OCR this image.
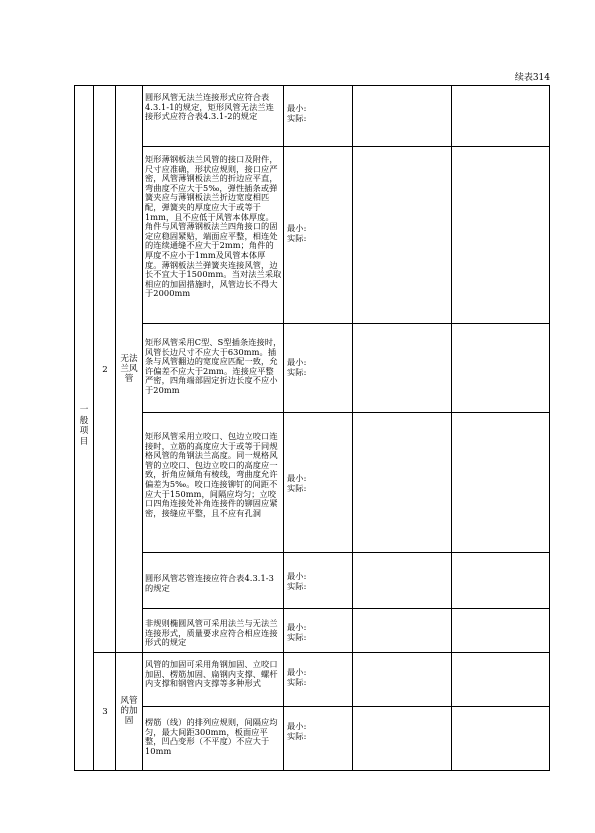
续表314
一般项目
2
无法兰风管
3
风管的加固
圆形风管无法兰连接形式应符合表4.3.1-1的规定，矩形风管无法兰连接形式应符合表4.3.1-2的规定
最小:
实际:
矩形薄钢板法兰风管的接口及附件，尺寸应准确，形状应规则，接口应严密，风管薄钢板法兰的折边应平直，弯曲度不应大于5‰，弹性插条或弹簧夹应与薄钢板法兰折边宽度相匹配，弹簧夹的厚度应大于或等于1mm，且不应低于风管本体厚度。角件与风管薄钢板法兰四角接口的固定应稳固紧贴，端面应平整，相连处的连续通缝不应大于2mm；角件的厚度不应小于1mm及风管本体厚度。薄钢板法兰弹簧夹连接风管，边长不宜大于1500mm。当对法兰采取相应的加固措施时，风管边长不得大于2000mm
最小:
实际:
矩形风管采用C型、S型插条连接时，风管长边尺寸不应大于630mm。插条与风管翻边的宽度应匹配一致，允许偏差不应大于2mm。连接应平整严密，四角端部固定折边长度不应小于20mm
最小:
实际:
矩形风管采用立咬口、包边立咬口连接时，立筋的高度应大于或等于同规格风管的角钢法兰高度。同一规格风管的立咬口、包边立咬口的高度应一致，折角应倾角有棱线，弯曲度允许偏差为5‰。咬口连接铆钉的间距不应大于150mm，间隔应均匀；立咬口四角连接处补角连接件的铆固应紧密，接缝应平整，且不应有孔洞
最小:
实际:
圆形风管芯管连接应符合表4.3.1-3的规定
最小:
实际:
非规则椭圆风管可采用法兰与无法兰连接形式，质量要求应符合相应连接形式的规定
最小:
实际:
风管的加固可采用角钢加固、立咬口加固、楞筋加固、扁钢内支撑、螺杆内支撑和钢管内支撑等多种形式
最小:
实际:
楞筋（线）的排列应规则，间隔应均匀，最大间距300mm，板面应平整，凹凸变形（不平度）不应大于10mm
最小:
实际:
